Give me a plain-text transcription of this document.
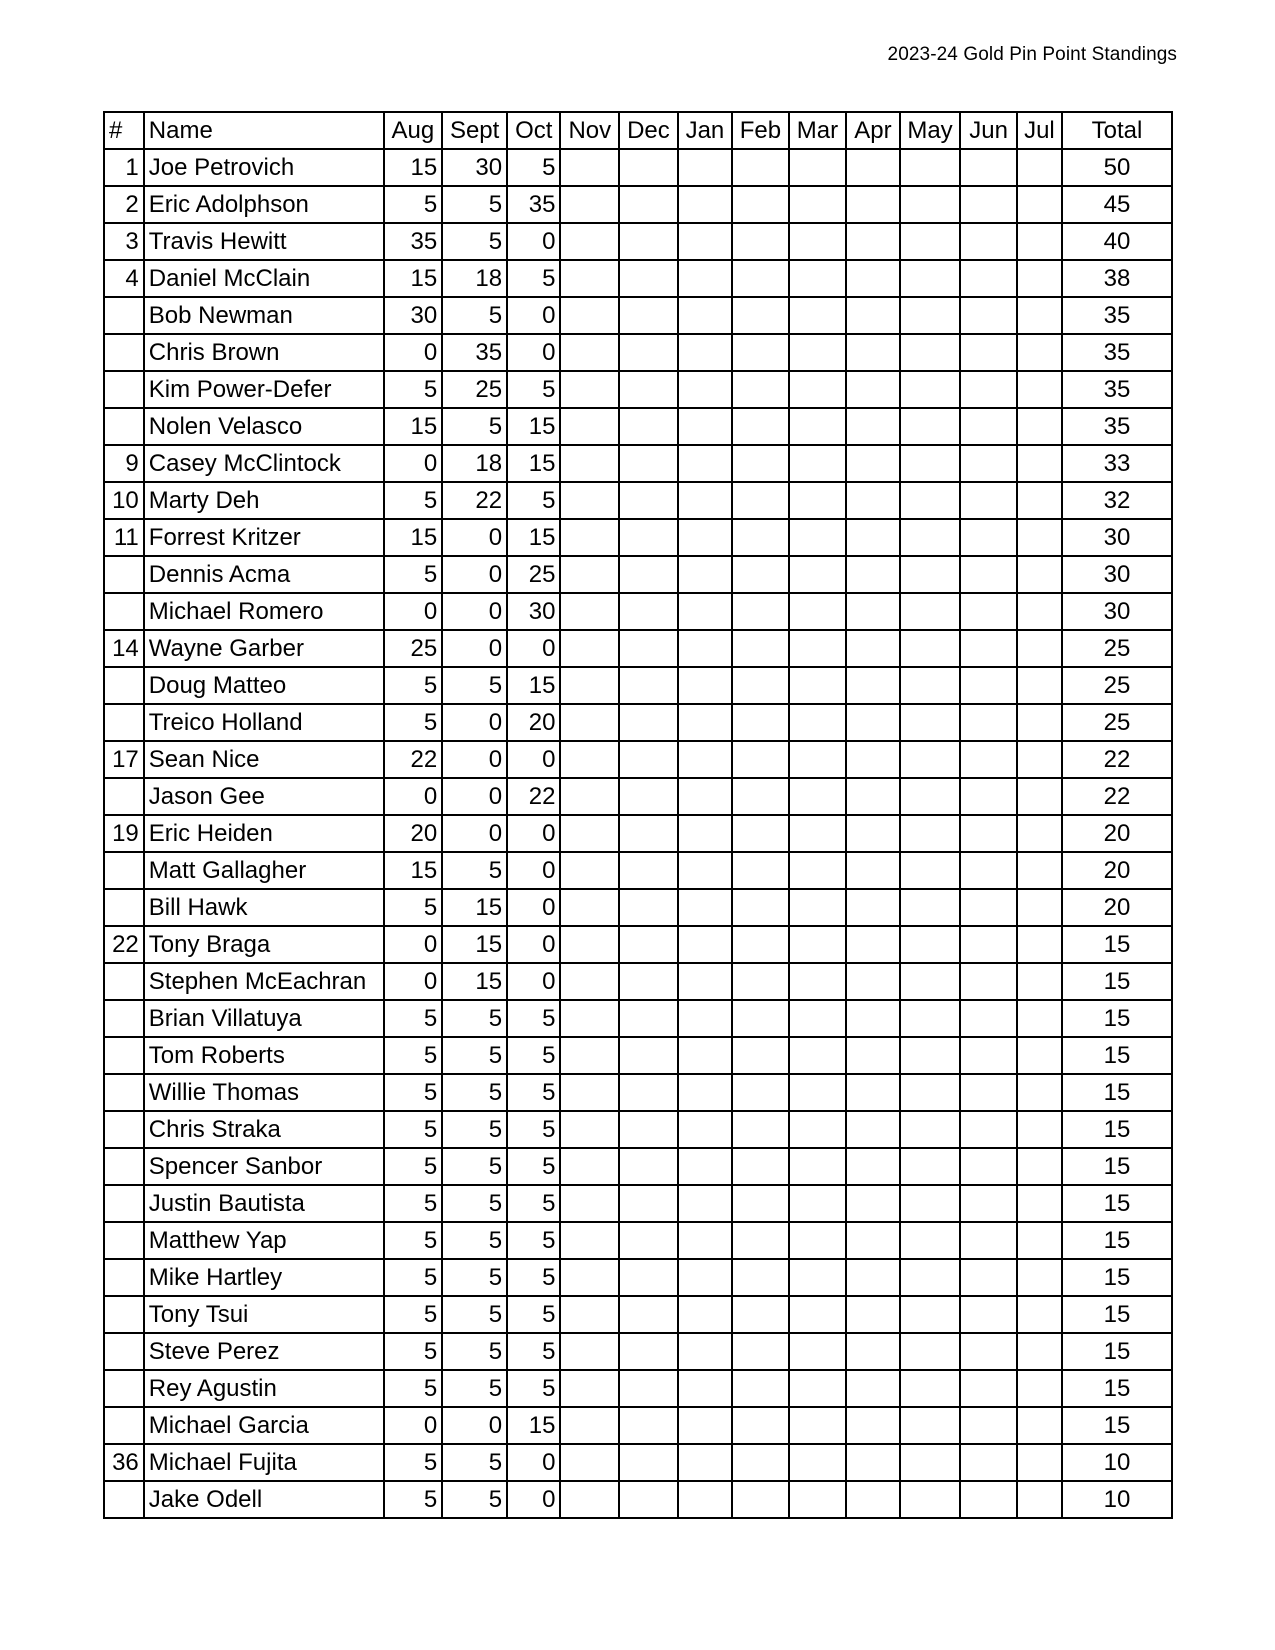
2023-24 Gold Pin Point Standings
#	Name	Aug	Sept	Oct	Nov	Dec	Jan	Feb	Mar	Apr	May	Jun	Jul	Total
1	Joe Petrovich	15	30	5										50
2	Eric Adolphson	5	5	35										45
3	Travis Hewitt	35	5	0										40
4	Daniel McClain	15	18	5										38
	Bob Newman	30	5	0										35
	Chris Brown	0	35	0										35
	Kim Power-Defer	5	25	5										35
	Nolen Velasco	15	5	15										35
9	Casey McClintock	0	18	15										33
10	Marty Deh	5	22	5										32
11	Forrest Kritzer	15	0	15										30
	Dennis Acma	5	0	25										30
	Michael Romero	0	0	30										30
14	Wayne Garber	25	0	0										25
	Doug Matteo	5	5	15										25
	Treico Holland	5	0	20										25
17	Sean Nice	22	0	0										22
	Jason Gee	0	0	22										22
19	Eric Heiden	20	0	0										20
	Matt Gallagher	15	5	0										20
	Bill Hawk	5	15	0										20
22	Tony Braga	0	15	0										15
	Stephen McEachran	0	15	0										15
	Brian Villatuya	5	5	5										15
	Tom Roberts	5	5	5										15
	Willie Thomas	5	5	5										15
	Chris Straka	5	5	5										15
	Spencer Sanbor	5	5	5										15
	Justin Bautista	5	5	5										15
	Matthew Yap	5	5	5										15
	Mike Hartley	5	5	5										15
	Tony Tsui	5	5	5										15
	Steve Perez	5	5	5										15
	Rey Agustin	5	5	5										15
	Michael Garcia	0	0	15										15
36	Michael Fujita	5	5	0										10
	Jake Odell	5	5	0										10
